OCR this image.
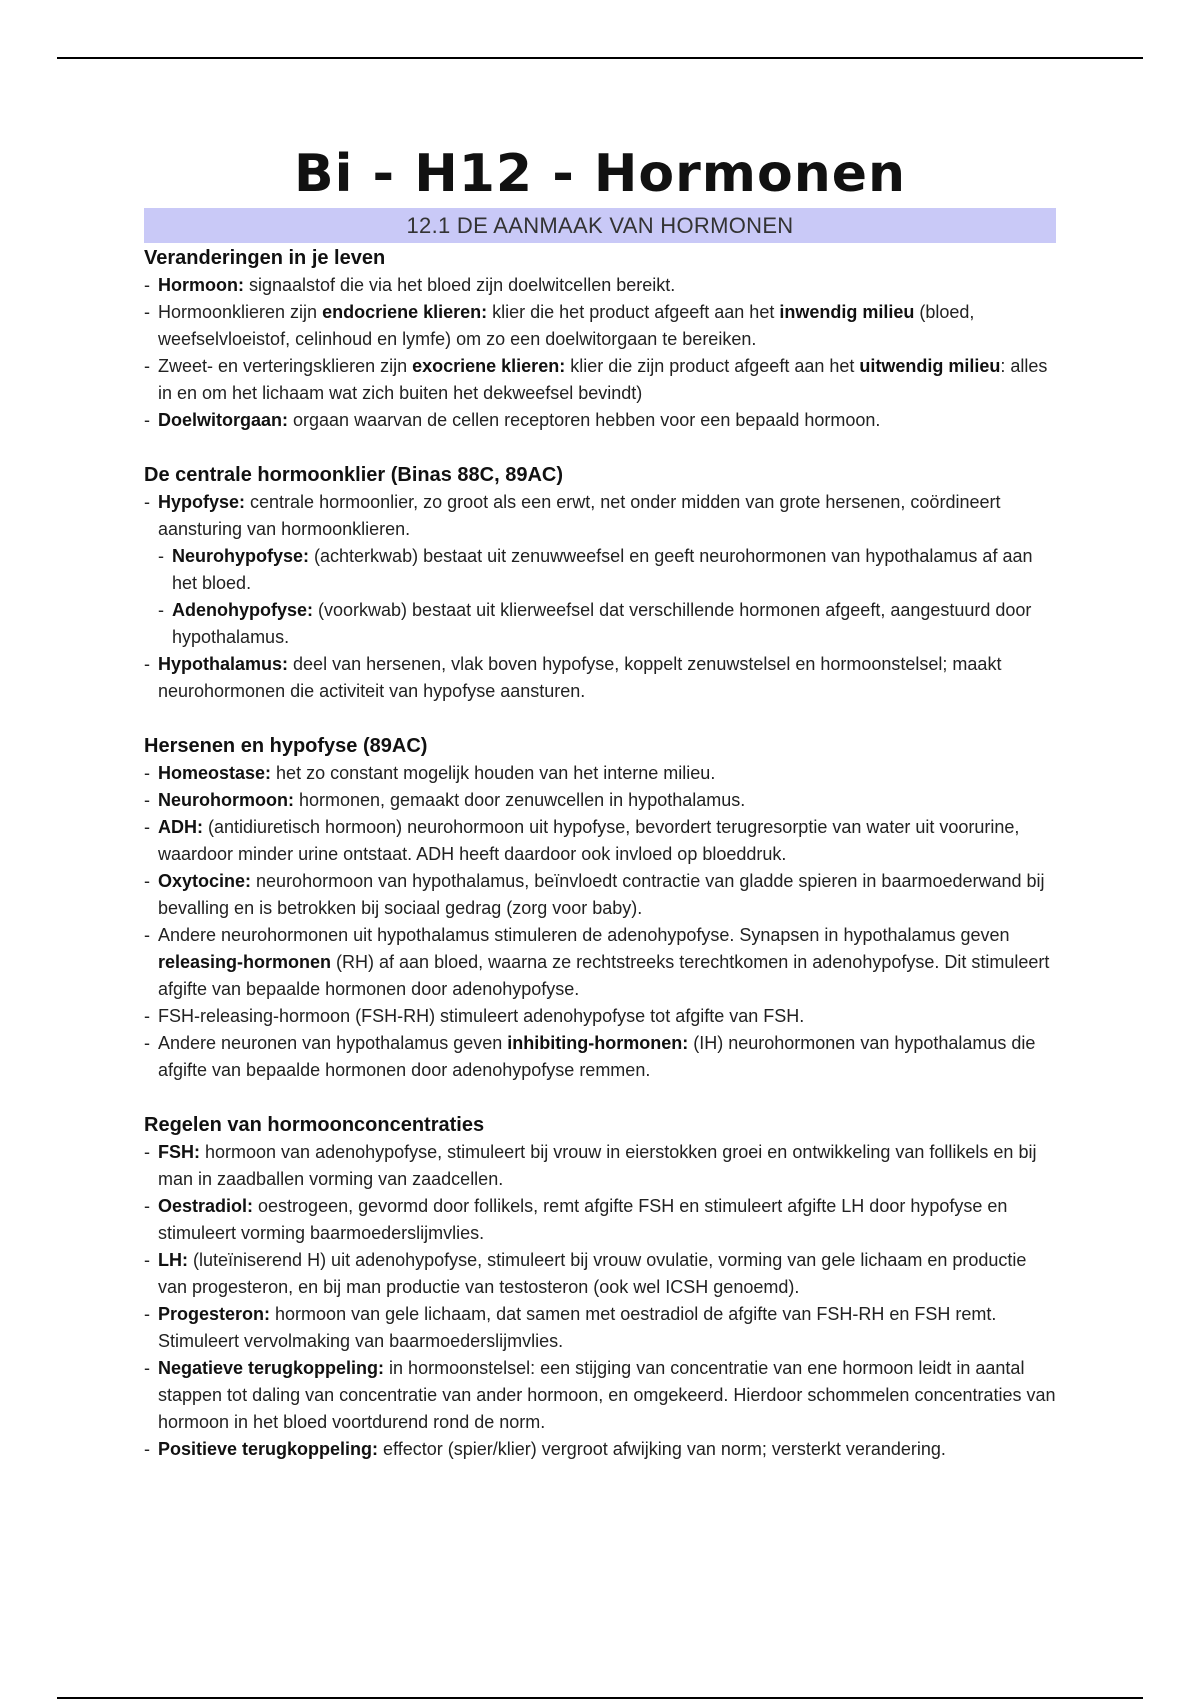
Bi - H12 - Hormonen
12.1 DE AANMAAK VAN HORMONEN
Veranderingen in je leven
- Hormoon: signaalstof die via het bloed zijn doelwitcellen bereikt.
- Hormoonklieren zijn endocriene klieren: klier die het product afgeeft aan het inwendig milieu (bloed, weefselvloeistof, celinhoud en lymfe) om zo een doelwitorgaan te bereiken.
- Zweet- en verteringsklieren zijn exocriene klieren: klier die zijn product afgeeft aan het uitwendig milieu: alles in en om het lichaam wat zich buiten het dekweefsel bevindt)
- Doelwitorgaan: orgaan waarvan de cellen receptoren hebben voor een bepaald hormoon.
De centrale hormoonklier (Binas 88C, 89AC)
- Hypofyse: centrale hormoonlier, zo groot als een erwt, net onder midden van grote hersenen, coördineert aansturing van hormoonklieren.
- Neurohypofyse: (achterkwab) bestaat uit zenuwweefsel en geeft neurohormonen van hypothalamus af aan het bloed.
- Adenohypofyse: (voorkwab) bestaat uit klierweefsel dat verschillende hormonen afgeeft, aangestuurd door hypothalamus.
- Hypothalamus: deel van hersenen, vlak boven hypofyse, koppelt zenuwstelsel en hormoonstelsel; maakt neurohormonen die activiteit van hypofyse aansturen.
Hersenen en hypofyse (89AC)
- Homeostase: het zo constant mogelijk houden van het interne milieu.
- Neurohormoon: hormonen, gemaakt door zenuwcellen in hypothalamus.
- ADH: (antidiuretisch hormoon) neurohormoon uit hypofyse, bevordert terugresorptie van water uit voorurine, waardoor minder urine ontstaat. ADH heeft daardoor ook invloed op bloeddruk.
- Oxytocine: neurohormoon van hypothalamus, beïnvloedt contractie van gladde spieren in baarmoederwand bij bevalling en is betrokken bij sociaal gedrag (zorg voor baby).
- Andere neurohormonen uit hypothalamus stimuleren de adenohypofyse. Synapsen in hypothalamus geven releasing-hormonen (RH) af aan bloed, waarna ze rechtstreeks terechtkomen in adenohypofyse. Dit stimuleert afgifte van bepaalde hormonen door adenohypofyse.
- FSH-releasing-hormoon (FSH-RH) stimuleert adenohypofyse tot afgifte van FSH.
- Andere neuronen van hypothalamus geven inhibiting-hormonen: (IH) neurohormonen van hypothalamus die afgifte van bepaalde hormonen door adenohypofyse remmen.
Regelen van hormoonconcentraties
- FSH: hormoon van adenohypofyse, stimuleert bij vrouw in eierstokken groei en ontwikkeling van follikels en bij man in zaadballen vorming van zaadcellen.
- Oestradiol: oestrogeen, gevormd door follikels, remt afgifte FSH en stimuleert afgifte LH door hypofyse en stimuleert vorming baarmoederslijmvlies.
- LH: (luteïniserend H) uit adenohypofyse, stimuleert bij vrouw ovulatie, vorming van gele lichaam en productie van progesteron, en bij man productie van testosteron (ook wel ICSH genoemd).
- Progesteron: hormoon van gele lichaam, dat samen met oestradiol de afgifte van FSH-RH en FSH remt. Stimuleert vervolmaking van baarmoederslijmvlies.
- Negatieve terugkoppeling: in hormoonstelsel: een stijging van concentratie van ene hormoon leidt in aantal stappen tot daling van concentratie van ander hormoon, en omgekeerd. Hierdoor schommelen concentraties van hormoon in het bloed voortdurend rond de norm.
- Positieve terugkoppeling: effector (spier/klier) vergroot afwijking van norm; versterkt verandering.
